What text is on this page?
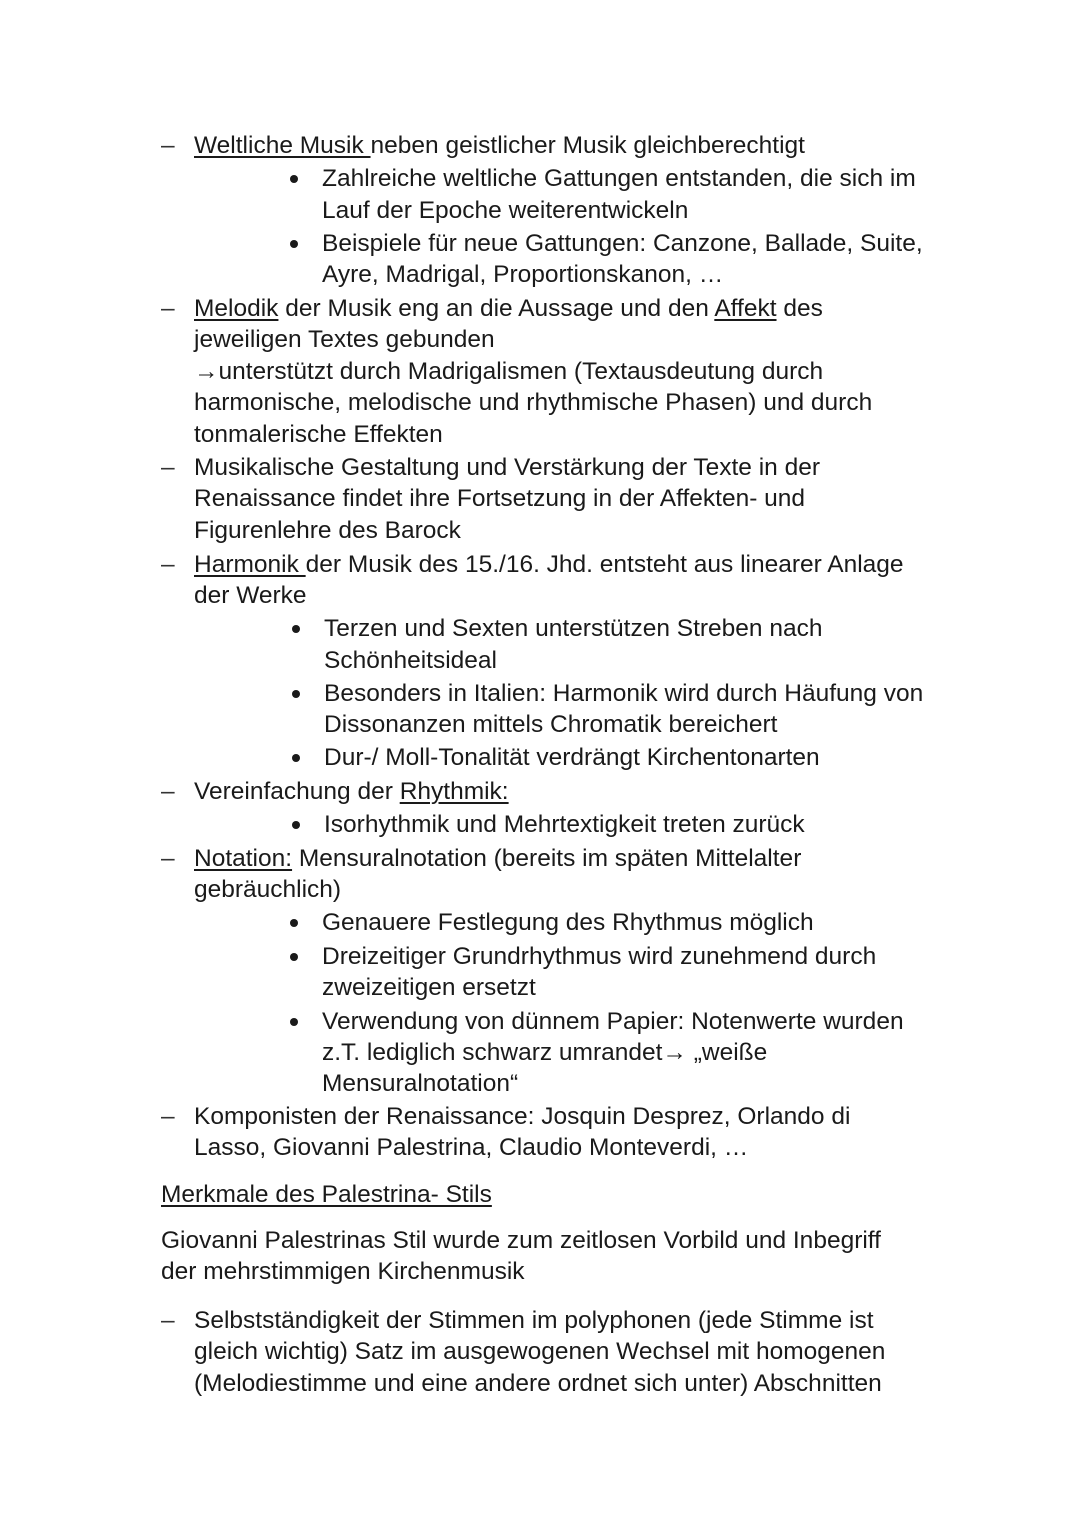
– Weltliche Musik neben geistlicher Musik gleichberechtigt
Zahlreiche weltliche Gattungen entstanden, die sich im
Lauf der Epoche weiterentwickeln
Beispiele für neue Gattungen: Canzone, Ballade, Suite,
Ayre, Madrigal, Proportionskanon, …
– Melodik der Musik eng an die Aussage und den Affekt des
jeweiligen Textes gebunden
→unterstützt durch Madrigalismen (Textausdeutung durch
harmonische, melodische und rhythmische Phasen) und durch
tonmalerische Effekten
– Musikalische Gestaltung und Verstärkung der Texte in der
Renaissance findet ihre Fortsetzung in der Affekten- und
Figurenlehre des Barock
– Harmonik der Musik des 15./16. Jhd. entsteht aus linearer Anlage
der Werke
Terzen und Sexten unterstützen Streben nach
Schönheitsideal
Besonders in Italien: Harmonik wird durch Häufung von
Dissonanzen mittels Chromatik bereichert
Dur-/ Moll-Tonalität verdrängt Kirchentonarten
– Vereinfachung der Rhythmik:
Isorhythmik und Mehrtextigkeit treten zurück
– Notation: Mensuralnotation (bereits im späten Mittelalter
gebräuchlich)
Genauere Festlegung des Rhythmus möglich
Dreizeitiger Grundrhythmus wird zunehmend durch
zweizeitigen ersetzt
Verwendung von dünnem Papier: Notenwerte wurden
z.T. lediglich schwarz umrandet→ „weiße
Mensuralnotation“
– Komponisten der Renaissance: Josquin Desprez, Orlando di
Lasso, Giovanni Palestrina, Claudio Monteverdi, …
Merkmale des Palestrina- Stils
Giovanni Palestrinas Stil wurde zum zeitlosen Vorbild und Inbegriff
der mehrstimmigen Kirchenmusik
– Selbstständigkeit der Stimmen im polyphonen (jede Stimme ist
gleich wichtig) Satz im ausgewogenen Wechsel mit homogenen
(Melodiestimme und eine andere ordnet sich unter) Abschnitten
